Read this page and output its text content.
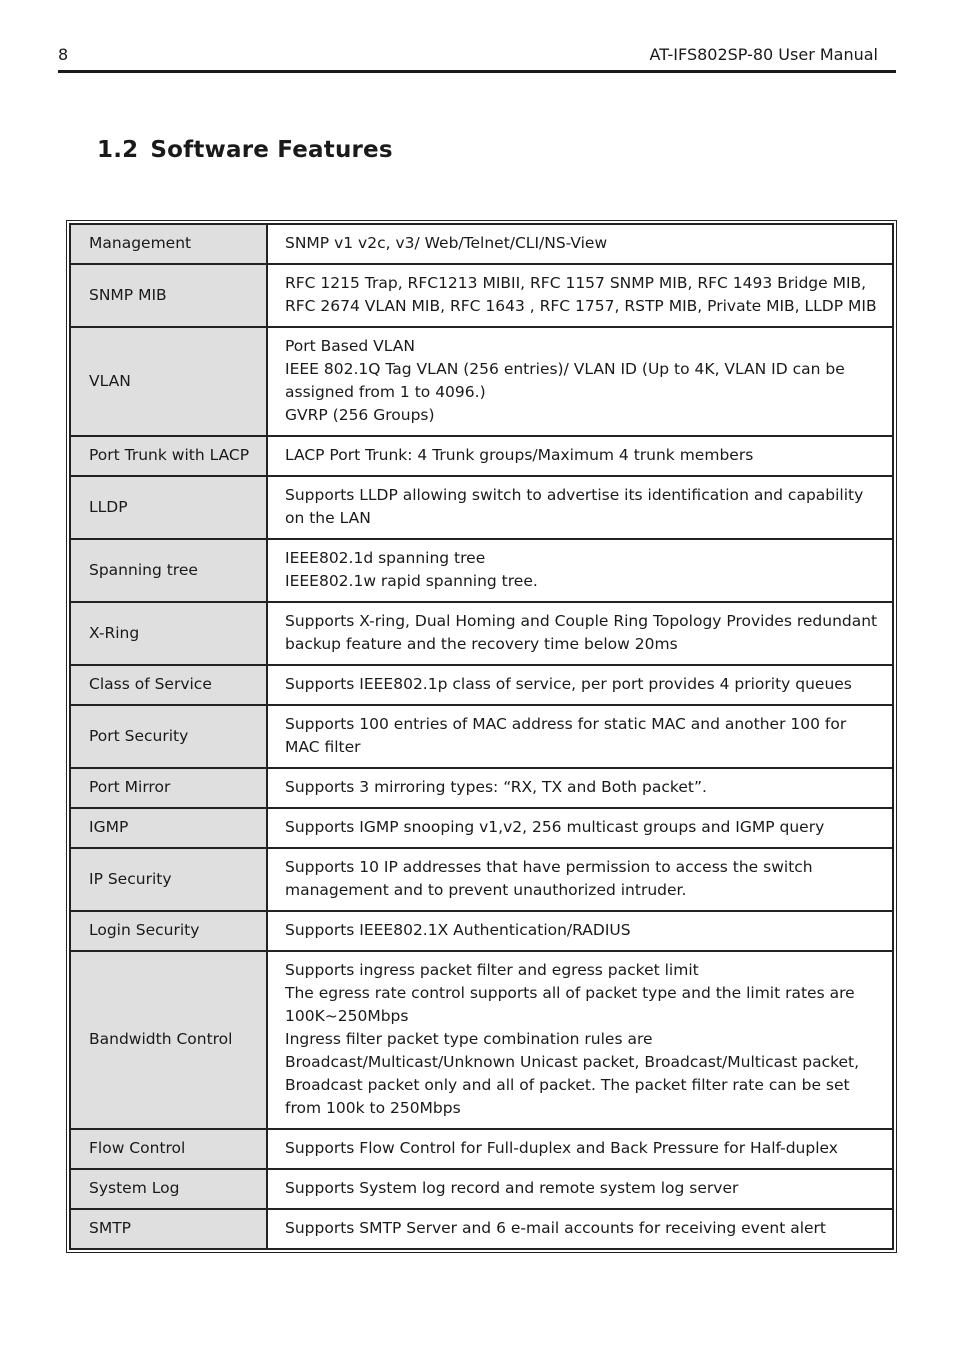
8	AT-IFS802SP-80 User Manual
1.2 Software Features
Management	SNMP v1 v2c, v3/ Web/Telnet/CLI/NS-View

SNMP MIB	RFC 1215 Trap, RFC1213 MIBII, RFC 1157 SNMP MIB, RFC 1493 Bridge MIB, RFC 2674 VLAN MIB, RFC 1643 , RFC 1757, RSTP MIB, Private MIB, LLDP MIB

VLAN	Port Based VLAN
IEEE 802.1Q Tag VLAN (256 entries)/ VLAN ID (Up to 4K, VLAN ID can be assigned from 1 to 4096.)
GVRP (256 Groups)

Port Trunk with LACP	LACP Port Trunk: 4 Trunk groups/Maximum 4 trunk members

LLDP	Supports LLDP allowing switch to advertise its identification and capability on the LAN

Spanning tree	IEEE802.1d spanning tree
IEEE802.1w rapid spanning tree.

X-Ring	Supports X-ring, Dual Homing and Couple Ring Topology Provides redundant backup feature and the recovery time below 20ms

Class of Service	Supports IEEE802.1p class of service, per port provides 4 priority queues

Port Security	Supports 100 entries of MAC address for static MAC and another 100 for MAC filter

Port Mirror	Supports 3 mirroring types: “RX, TX and Both packet”.

IGMP	Supports IGMP snooping v1,v2, 256 multicast groups and IGMP query

IP Security	Supports 10 IP addresses that have permission to access the switch management and to prevent unauthorized intruder.

Login Security	Supports IEEE802.1X Authentication/RADIUS

Bandwidth Control	Supports ingress packet filter and egress packet limit
The egress rate control supports all of packet type and the limit rates are 100K~250Mbps
Ingress filter packet type combination rules are Broadcast/Multicast/Unknown Unicast packet, Broadcast/Multicast packet, Broadcast packet only and all of packet. The packet filter rate can be set from 100k to 250Mbps

Flow Control	Supports Flow Control for Full-duplex and Back Pressure for Half-duplex

System Log	Supports System log record and remote system log server

SMTP	Supports SMTP Server and 6 e-mail accounts for receiving event alert
